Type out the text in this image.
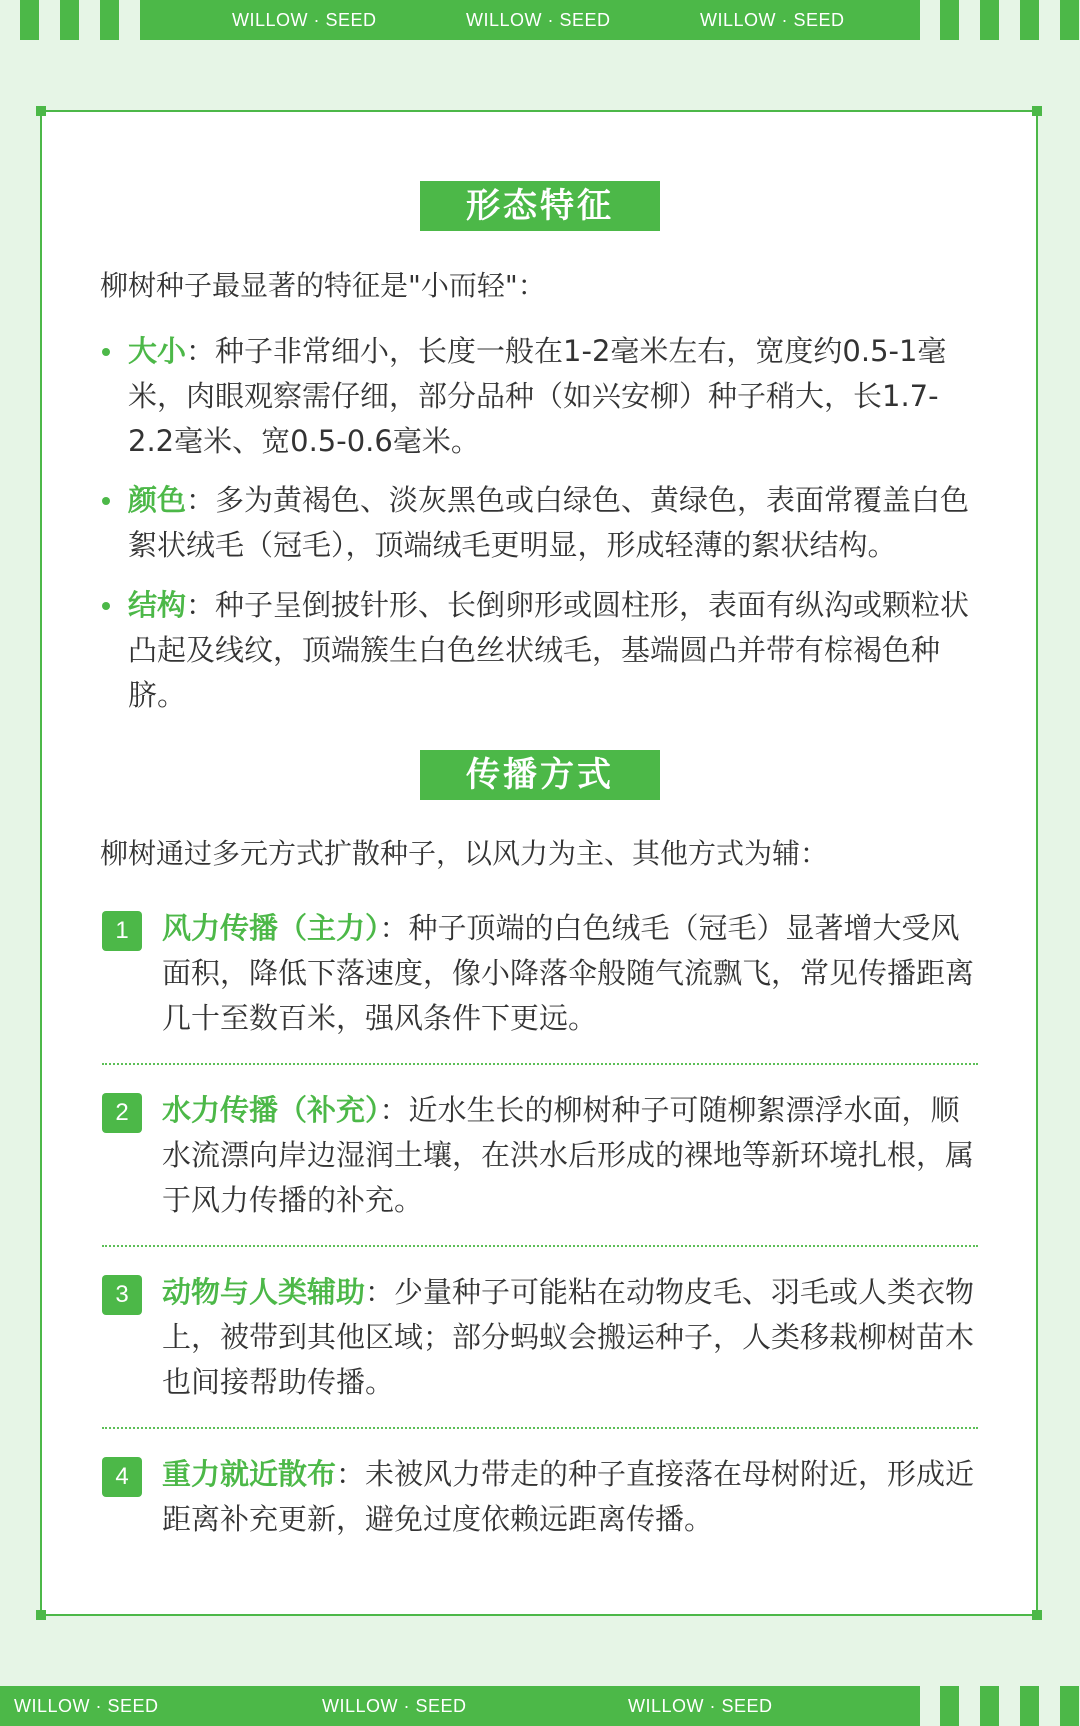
WILLOW · SEED	WILLOW · SEED	WILLOW · SEED
形态特征
柳树种子最显著的特征是"小而轻"：
大小：种子非常细小，长度一般在1-2毫米左右，宽度约0.5-1毫米，肉眼观察需仔细，部分品种（如兴安柳）种子稍大，长1.7-2.2毫米、宽0.5-0.6毫米。
颜色：多为黄褐色、淡灰黑色或白绿色、黄绿色，表面常覆盖白色絮状绒毛（冠毛），顶端绒毛更明显，形成轻薄的絮状结构。
结构：种子呈倒披针形、长倒卵形或圆柱形，表面有纵沟或颗粒状凸起及线纹，顶端簇生白色丝状绒毛，基端圆凸并带有棕褐色种脐。
传播方式
柳树通过多元方式扩散种子，以风力为主、其他方式为辅：
1	风力传播（主力）：种子顶端的白色绒毛（冠毛）显著增大受风面积，降低下落速度，像小降落伞般随气流飘飞，常见传播距离几十至数百米，强风条件下更远。
2	水力传播（补充）：近水生长的柳树种子可随柳絮漂浮水面，顺水流漂向岸边湿润土壤，在洪水后形成的裸地等新环境扎根，属于风力传播的补充。
3	动物与人类辅助：少量种子可能粘在动物皮毛、羽毛或人类衣物上，被带到其他区域；部分蚂蚁会搬运种子，人类移栽柳树苗木也间接帮助传播。
4	重力就近散布：未被风力带走的种子直接落在母树附近，形成近距离补充更新，避免过度依赖远距离传播。
WILLOW · SEED	WILLOW · SEED	WILLOW · SEED
